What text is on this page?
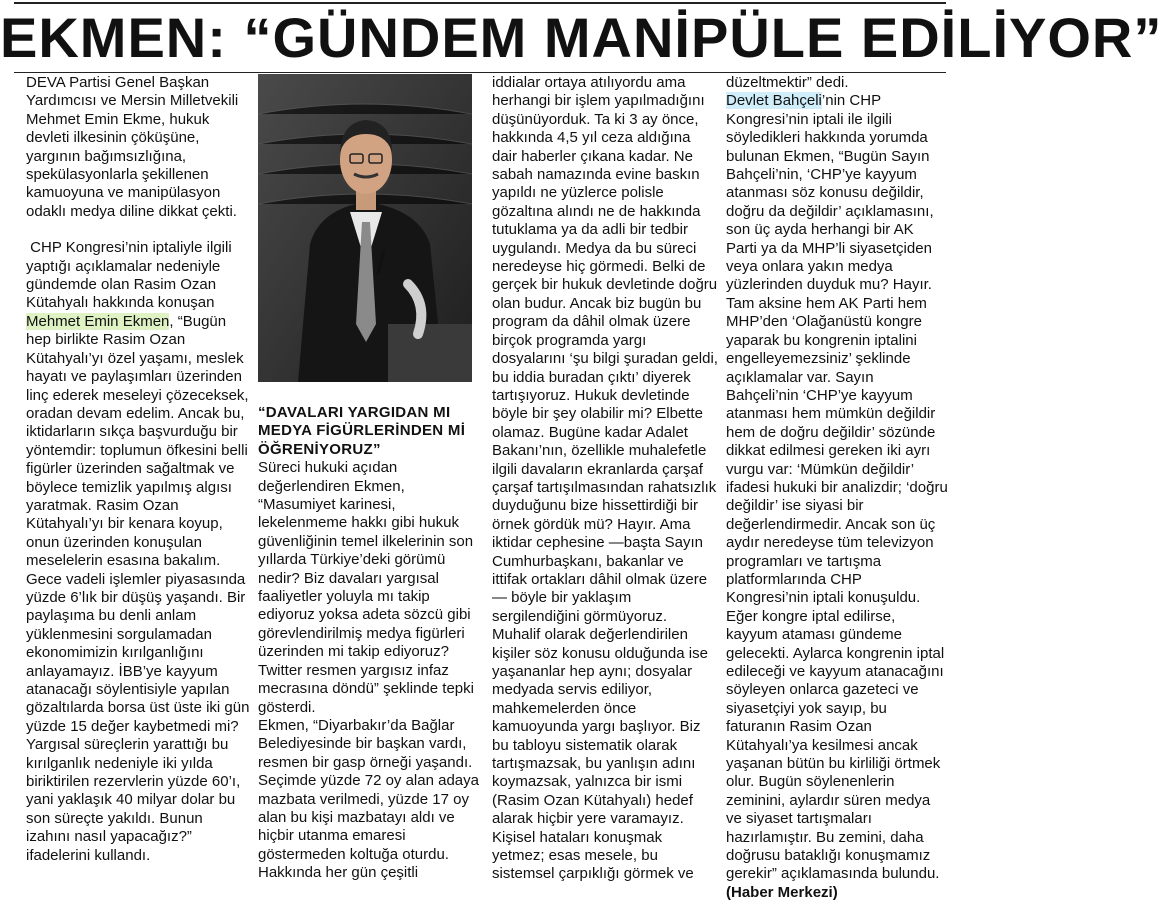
EKMEN: “GÜNDEM MANİPÜLE EDİLİYOR”

DEVA Partisi Genel Başkan Yardımcısı ve Mersin Milletvekili Mehmet Emin Ekme, hukuk devleti ilkesinin çöküşüne, yargının bağımsızlığına, spekülasyonlarla şekillenen kamuoyuna ve manipülasyon odaklı medya diline dikkat çekti.

CHP Kongresi’nin iptaliyle ilgili yaptığı açıklamalar nedeniyle gündemde olan Rasim Ozan Kütahyalı hakkında konuşan Mehmet Emin Ekmen, “Bugün hep birlikte Rasim Ozan Kütahyalı’yı özel yaşamı, meslek hayatı ve paylaşımları üzerinden linç ederek meseleyi çözeceksek, oradan devam edelim. Ancak bu, iktidarların sıkça başvurduğu bir yöntemdir: toplumun öfkesini belli figürler üzerinden sağaltmak ve böylece temizlik yapılmış algısı yaratmak. Rasim Ozan Kütahyalı’yı bir kenara koyup, onun üzerinden konuşulan meselelerin esasına bakalım. Gece vadeli işlemler piyasasında yüzde 6’lık bir düşüş yaşandı. Bir paylaşıma bu denli anlam yüklenmesini sorgulamadan ekonomimizin kırılganlığını anlayamayız. İBB’ye kayyum atanacağı söylentisiyle yapılan gözaltılarda borsa üst üste iki gün yüzde 15 değer kaybetmedi mi? Yargısal süreçlerin yarattığı bu kırılganlık nedeniyle iki yılda biriktirilen rezervlerin yüzde 60’ı, yani yaklaşık 40 milyar dolar bu son süreçte yakıldı. Bunun izahını nasıl yapacağız?” ifadelerini kullandı.

“DAVALARI YARGIDAN MI MEDYA FİGÜRLERİNDEN Mİ ÖĞRENİYORUZ”

Süreci hukuki açıdan değerlendiren Ekmen, “Masumiyet karinesi, lekelenmeme hakkı gibi hukuk güvenliğinin temel ilkelerinin son yıllarda Türkiye’deki görümü nedir? Biz davaları yargısal faaliyetler yoluyla mı takip ediyoruz yoksa adeta sözcü gibi görevlendirilmiş medya figürleri üzerinden mi takip ediyoruz? Twitter resmen yargısız infaz mecrasına döndü” şeklinde tepki gösterdi.

Ekmen, “Diyarbakır’da Bağlar Belediyesinde bir başkan vardı, resmen bir gasp örneği yaşandı. Seçimde yüzde 72 oy alan adaya mazbata verilmedi, yüzde 17 oy alan bu kişi mazbatayı aldı ve hiçbir utanma emaresi göstermeden koltuğa oturdu. Hakkında her gün çeşitli

iddialar ortaya atılıyordu ama herhangi bir işlem yapılmadığını düşünüyorduk. Ta ki 3 ay önce, hakkında 4,5 yıl ceza aldığına dair haberler çıkana kadar. Ne sabah namazında evine baskın yapıldı ne yüzlerce polisle gözaltına alındı ne de hakkında tutuklama ya da adli bir tedbir uygulandı. Medya da bu süreci neredeyse hiç görmedi. Belki de gerçek bir hukuk devletinde doğru olan budur. Ancak biz bugün bu program da dâhil olmak üzere birçok programda yargı dosyalarını ‘şu bilgi şuradan geldi, bu iddia buradan çıktı’ diyerek tartışıyoruz. Hukuk devletinde böyle bir şey olabilir mi? Elbette olamaz. Bugüne kadar Adalet Bakanı’nın, özellikle muhalefetle ilgili davaların ekranlarda çarşaf çarşaf tartışılmasından rahatsızlık duyduğunu bize hissettirdiği bir örnek gördük mü? Hayır. Ama iktidar cephesine —başta Sayın Cumhurbaşkanı, bakanlar ve ittifak ortakları dâhil olmak üzere— böyle bir yaklaşım sergilendiğini görmüyoruz. Muhalif olarak değerlendirilen kişiler söz konusu olduğunda ise yaşananlar hep aynı; dosyalar medyada servis ediliyor, mahkemelerden önce kamuoyunda yargı başlıyor. Biz bu tabloyu sistematik olarak tartışmazsak, bu yanlışın adını koymazsak, yalnızca bir ismi (Rasim Ozan Kütahyalı) hedef alarak hiçbir yere varamayız. Kişisel hataları konuşmak yetmez; esas mesele, bu sistemsel çarpıklığı görmek ve

düzeltmektir” dedi.

Devlet Bahçeli’nin CHP Kongresi’nin iptali ile ilgili söyledikleri hakkında yorumda bulunan Ekmen, “Bugün Sayın Bahçeli’nin, ‘CHP’ye kayyum atanması söz konusu değildir, doğru da değildir’ açıklamasını, son üç ayda herhangi bir AK Parti ya da MHP’li siyasetçiden veya onlara yakın medya yüzlerinden duyduk mu? Hayır. Tam aksine hem AK Parti hem MHP’den ‘Olağanüstü kongre yaparak bu kongrenin iptalini engelleyemezsiniz’ şeklinde açıklamalar var. Sayın Bahçeli’nin ‘CHP’ye kayyum atanması hem mümkün değildir hem de doğru değildir’ sözünde dikkat edilmesi gereken iki ayrı vurgu var: ‘Mümkün değildir’ ifadesi hukuki bir analizdir; ‘doğru değildir’ ise siyasi bir değerlendirmedir. Ancak son üç aydır neredeyse tüm televizyon programları ve tartışma platformlarında CHP Kongresi’nin iptali konuşuldu. Eğer kongre iptal edilirse, kayyum ataması gündeme gelecekti. Aylarca kongrenin iptal edileceği ve kayyum atanacağını söyleyen onlarca gazeteci ve siyasetçiyi yok sayıp, bu faturanın Rasim Ozan Kütahyalı’ya kesilmesi ancak yaşanan bütün bu kirliliği örtmek olur. Bugün söylenenlerin zeminini, aylardır süren medya ve siyaset tartışmaları hazırlamıştır. Bu zemini, daha doğrusu bataklığı konuşmamız gerekir” açıklamasında bulundu.

(Haber Merkezi)
